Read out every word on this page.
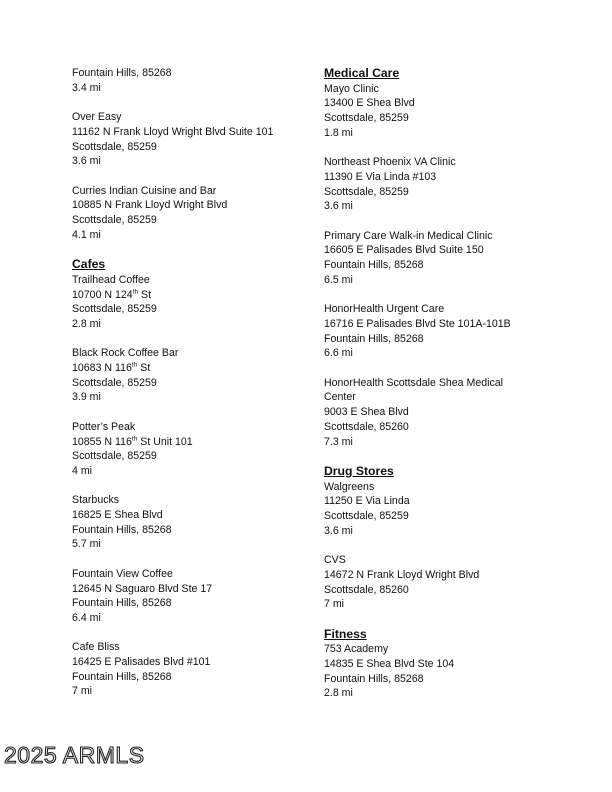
Fountain Hills, 85268
3.4 mi
Over Easy
11162 N Frank Lloyd Wright Blvd Suite 101
Scottsdale, 85259
3.6 mi
Curries Indian Cuisine and Bar
10885 N Frank Lloyd Wright Blvd
Scottsdale, 85259
4.1 mi
Cafes
Trailhead Coffee
10700 N 124th St
Scottsdale, 85259
2.8 mi
Black Rock Coffee Bar
10683 N 116th St
Scottsdale, 85259
3.9 mi
Potter’s Peak
10855 N 116th St Unit 101
Scottsdale, 85259
4 mi
Starbucks
16825 E Shea Blvd
Fountain Hills, 85268
5.7 mi
Fountain View Coffee
12645 N Saguaro Blvd Ste 17
Fountain Hills, 85268
6.4 mi
Cafe Bliss
16425 E Palisades Blvd #101
Fountain Hills, 85268
7 mi
Medical Care
Mayo Clinic
13400 E Shea Blvd
Scottsdale, 85259
1.8 mi
Northeast Phoenix VA Clinic
11390 E Via Linda #103
Scottsdale, 85259
3.6 mi
Primary Care Walk-in Medical Clinic
16605 E Palisades Blvd Suite 150
Fountain Hills, 85268
6.5 mi
HonorHealth Urgent Care
16716 E Palisades Blvd Ste 101A-101B
Fountain Hills, 85268
6.6 mi
HonorHealth Scottsdale Shea Medical
Center
9003 E Shea Blvd
Scottsdale, 85260
7.3 mi
Drug Stores
Walgreens
11250 E Via Linda
Scottsdale, 85259
3.6 mi
CVS
14672 N Frank Lloyd Wright Blvd
Scottsdale, 85260
7 mi
Fitness
753 Academy
14835 E Shea Blvd Ste 104
Fountain Hills, 85268
2.8 mi
2025 ARMLS
